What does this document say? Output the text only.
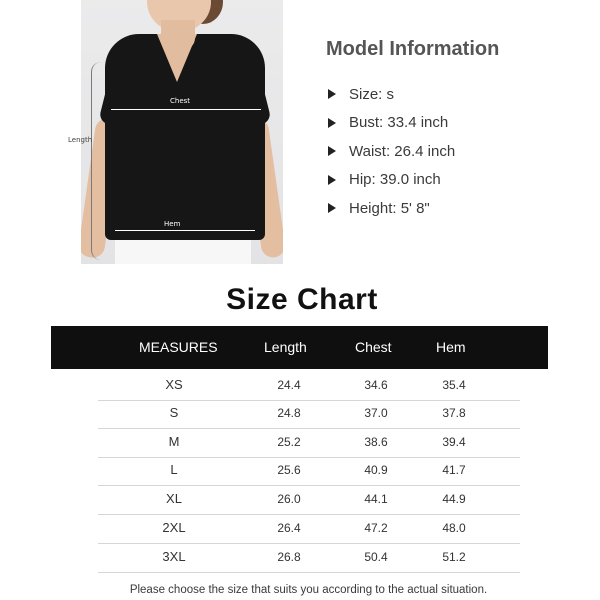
Chest
Hem
Length
Model Information
Size:
s
Bust:
33.4 inch
Waist:
26.4 inch
Hip:
39.0 inch
Height:
5' 8"
Size Chart
MEASURES	Length	Chest	Hem
XS	24.4	34.6	35.4
S	24.8	37.0	37.8
M	25.2	38.6	39.4
L	25.6	40.9	41.7
XL	26.0	44.1	44.9
2XL	26.4	47.2	48.0
3XL	26.8	50.4	51.2

Please choose the size that suits you according to the actual situation.
